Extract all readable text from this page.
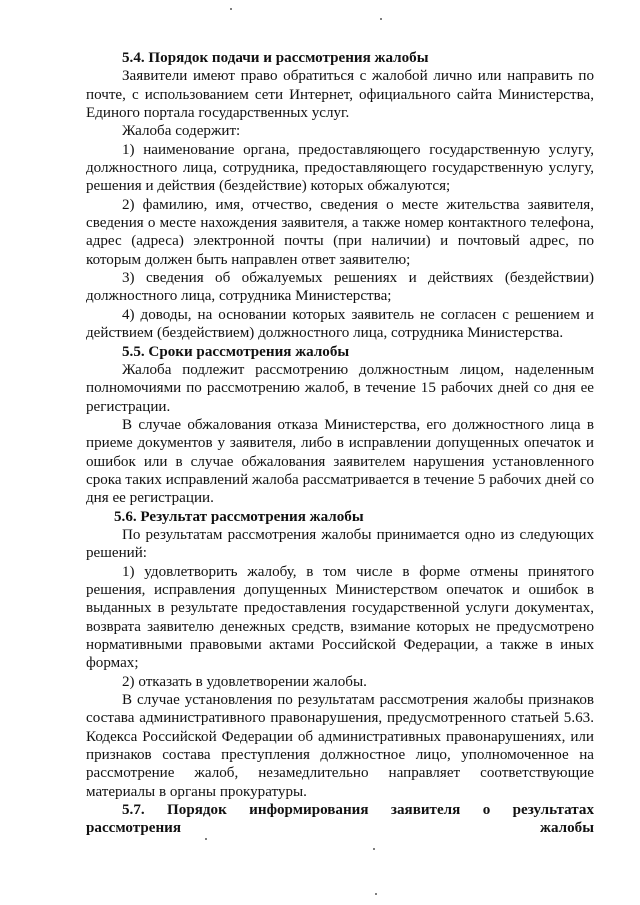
5.4. Порядок подачи и рассмотрения жалобы

Заявители имеют право обратиться с жалобой лично или направить по почте, с использованием сети Интернет, официального сайта Министерства, Единого портала государственных услуг.

Жалоба содержит:

1) наименование органа, предоставляющего государственную услугу, должностного лица, сотрудника, предоставляющего государственную услугу, решения и действия (бездействие) которых обжалуются;

2) фамилию, имя, отчество, сведения о месте жительства заявителя, сведения о месте нахождения заявителя, а также номер контактного телефона, адрес (адреса) электронной почты (при наличии) и почтовый адрес, по которым должен быть направлен ответ заявителю;

3) сведения об обжалуемых решениях и действиях (бездействии) должностного лица, сотрудника Министерства;

4) доводы, на основании которых заявитель не согласен с решением и действием (бездействием) должностного лица, сотрудника Министерства.

5.5. Сроки рассмотрения жалобы

Жалоба подлежит рассмотрению должностным лицом, наделенным полномочиями по рассмотрению жалоб, в течение 15 рабочих дней со дня ее регистрации.

В случае обжалования отказа Министерства, его должностного лица в приеме документов у заявителя, либо в исправлении допущенных опечаток и ошибок или в случае обжалования заявителем нарушения установленного срока таких исправлений жалоба рассматривается в течение 5 рабочих дней со дня ее регистрации.

5.6. Результат рассмотрения жалобы

По результатам рассмотрения жалобы принимается одно из следующих решений:

1) удовлетворить жалобу, в том числе в форме отмены принятого решения, исправления допущенных Министерством опечаток и ошибок в выданных в результате предоставления государственной услуги документах, возврата заявителю денежных средств, взимание которых не предусмотрено нормативными правовыми актами Российской Федерации, а также в иных формах;

2) отказать в удовлетворении жалобы.

В случае установления по результатам рассмотрения жалобы признаков состава административного правонарушения, предусмотренного статьей 5.63. Кодекса Российской Федерации об административных правонарушениях, или признаков состава преступления должностное лицо, уполномоченное на рассмотрение жалоб, незамедлительно направляет соответствующие материалы в органы прокуратуры.

5.7. Порядок информирования заявителя о результатах
рассмотрения жалобы
